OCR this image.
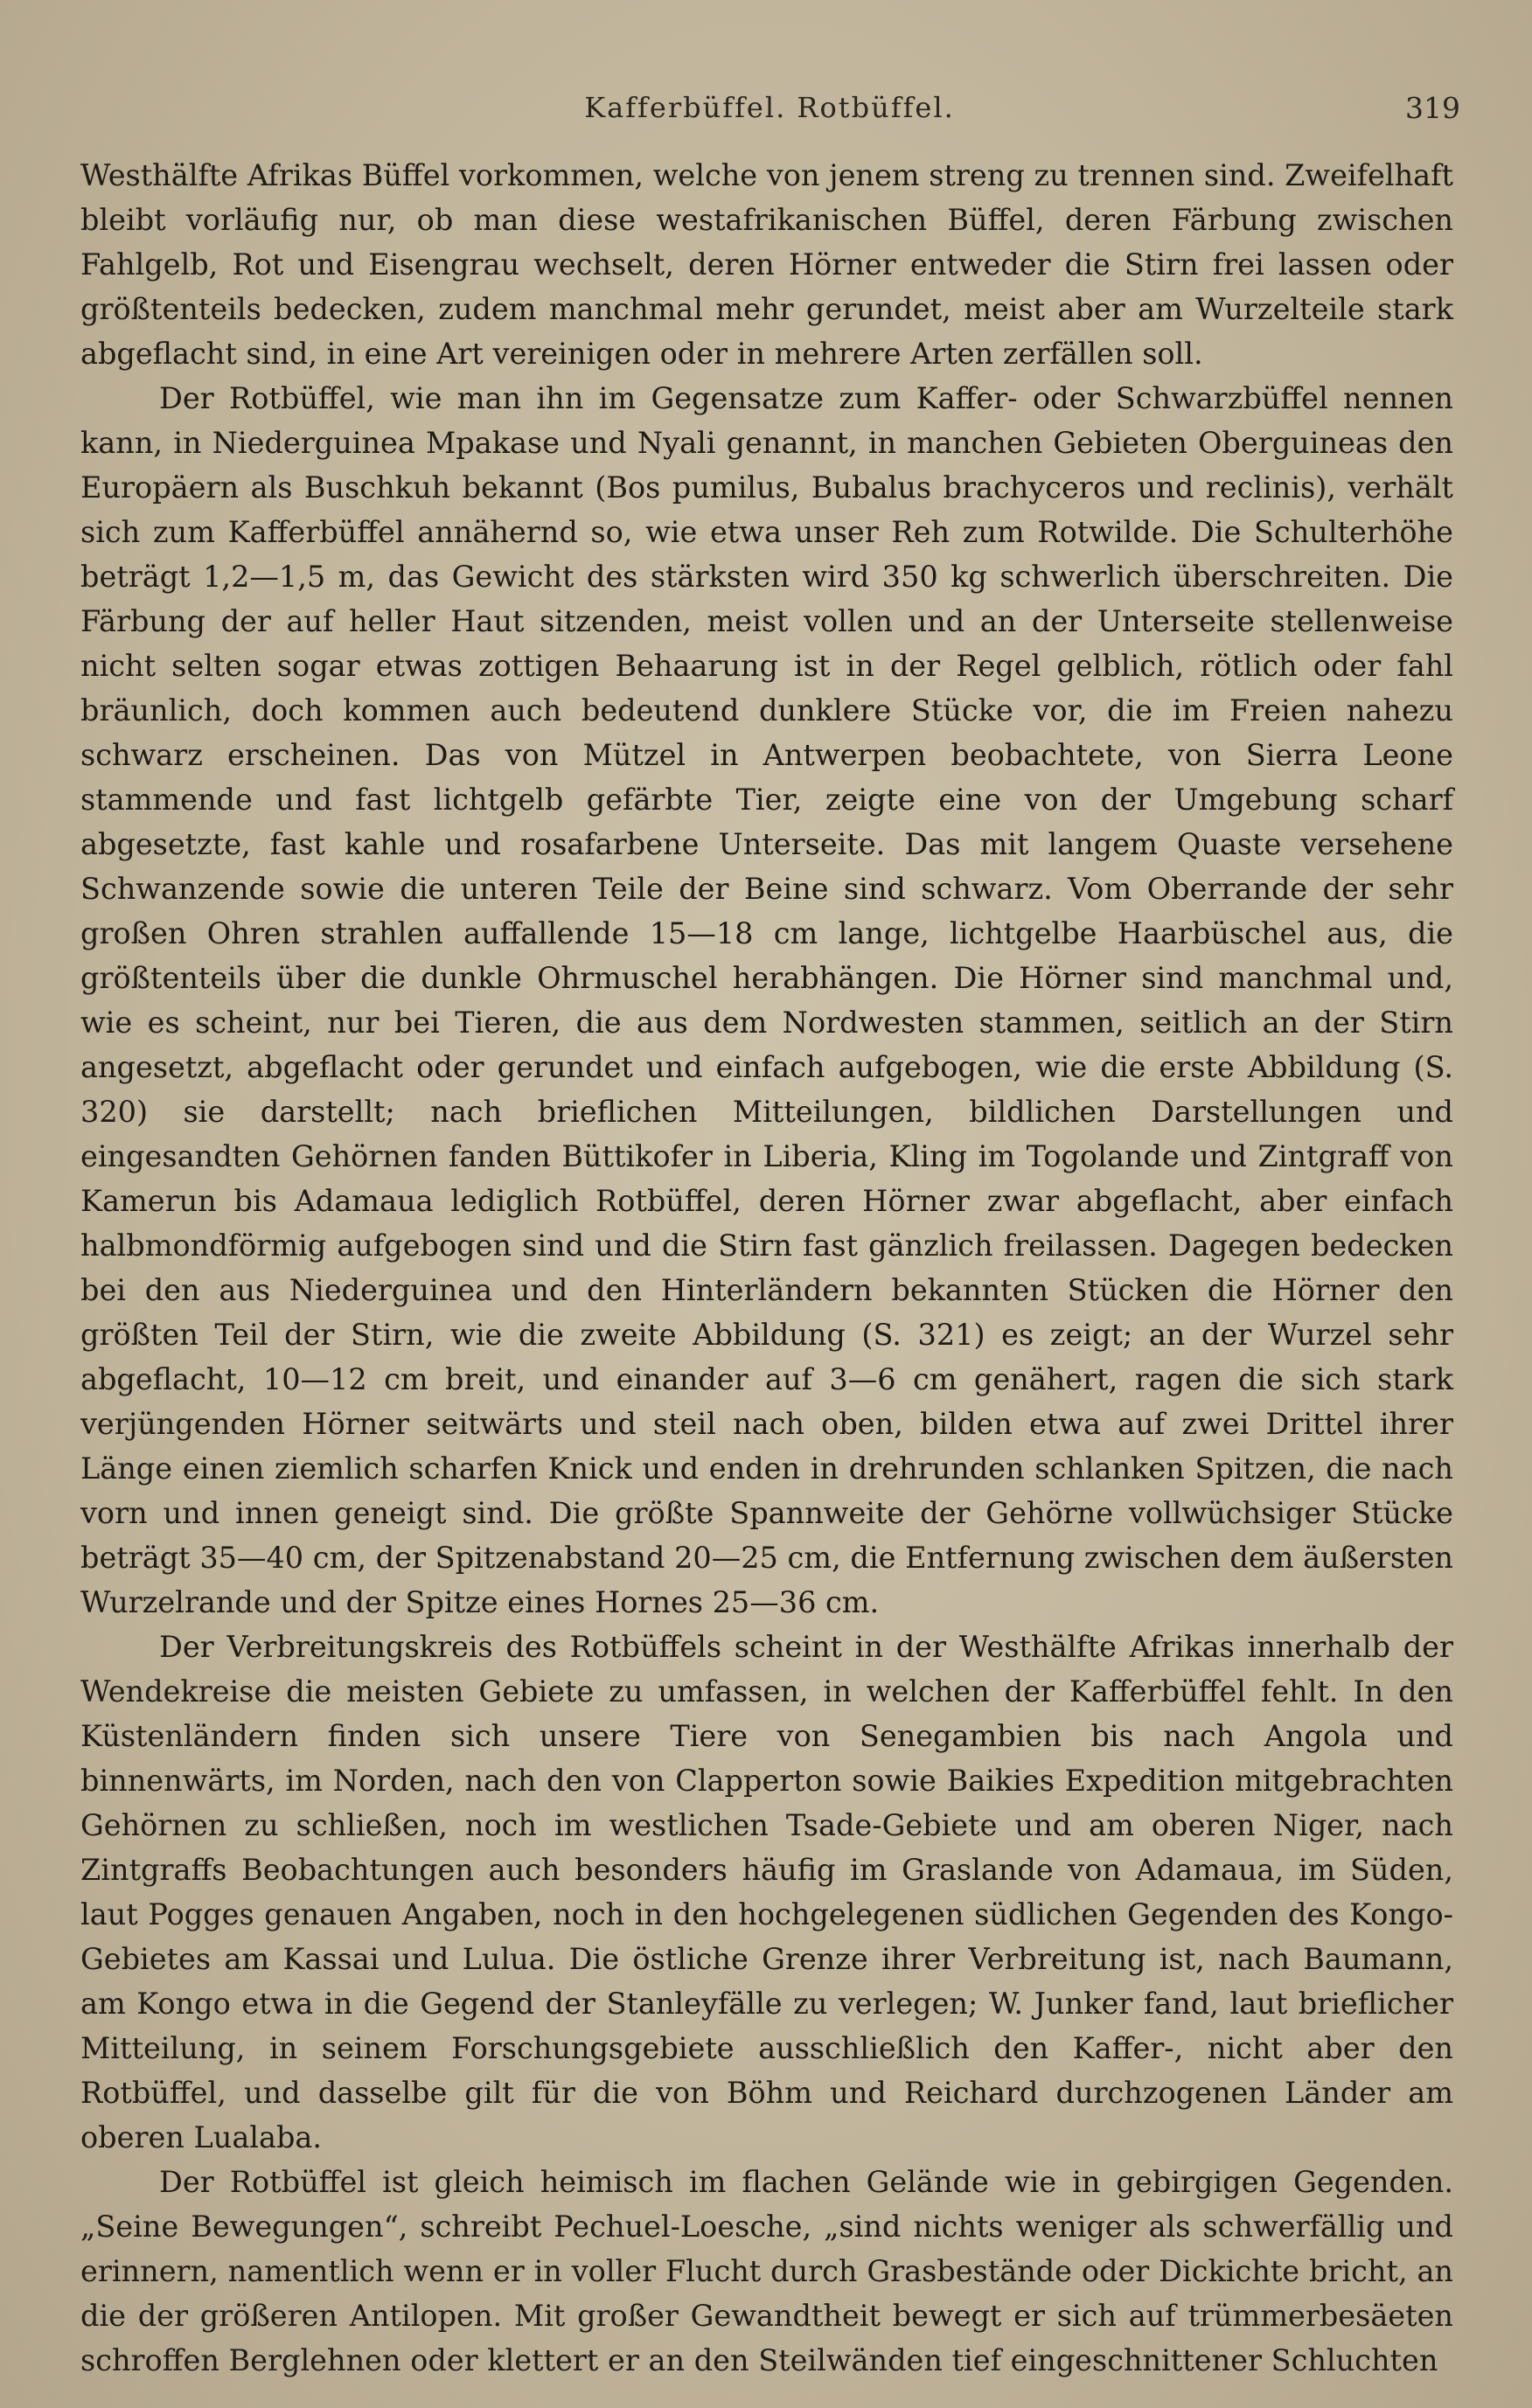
Kafferbüffel. Rotbüffel.	319

Westhälfte Afrikas Büffel vorkommen, welche von jenem streng zu trennen sind. Zweifelhaft bleibt vorläufig nur, ob man diese westafrikanischen Büffel, deren Färbung zwischen Fahlgelb, Rot und Eisengrau wechselt, deren Hörner entweder die Stirn frei lassen oder größtenteils bedecken, zudem manchmal mehr gerundet, meist aber am Wurzelteile stark abgeflacht sind, in eine Art vereinigen oder in mehrere Arten zerfällen soll.

Der Rotbüffel, wie man ihn im Gegensatze zum Kaffer- oder Schwarzbüffel nennen kann, in Niederguinea Mpakase und Nyali genannt, in manchen Gebieten Oberguineas den Europäern als Buschkuh bekannt (Bos pumilus, Bubalus brachyceros und reclinis), verhält sich zum Kafferbüffel annähernd so, wie etwa unser Reh zum Rotwilde. Die Schulterhöhe beträgt 1,2—1,5 m, das Gewicht des stärksten wird 350 kg schwerlich überschreiten. Die Färbung der auf heller Haut sitzenden, meist vollen und an der Unterseite stellenweise nicht selten sogar etwas zottigen Behaarung ist in der Regel gelblich, rötlich oder fahl bräunlich, doch kommen auch bedeutend dunklere Stücke vor, die im Freien nahezu schwarz erscheinen. Das von Mützel in Antwerpen beobachtete, von Sierra Leone stammende und fast lichtgelb gefärbte Tier, zeigte eine von der Umgebung scharf abgesetzte, fast kahle und rosafarbene Unterseite. Das mit langem Quaste versehene Schwanzende sowie die unteren Teile der Beine sind schwarz. Vom Oberrande der sehr großen Ohren strahlen auffallende 15—18 cm lange, lichtgelbe Haarbüschel aus, die größtenteils über die dunkle Ohrmuschel herabhängen. Die Hörner sind manchmal und, wie es scheint, nur bei Tieren, die aus dem Nordwesten stammen, seitlich an der Stirn angesetzt, abgeflacht oder gerundet und einfach aufgebogen, wie die erste Abbildung (S. 320) sie darstellt; nach brieflichen Mitteilungen, bildlichen Darstellungen und eingesandten Gehörnen fanden Büttikofer in Liberia, Kling im Togolande und Zintgraff von Kamerun bis Adamaua lediglich Rotbüffel, deren Hörner zwar abgeflacht, aber einfach halbmondförmig aufgebogen sind und die Stirn fast gänzlich freilassen. Dagegen bedecken bei den aus Niederguinea und den Hinterländern bekannten Stücken die Hörner den größten Teil der Stirn, wie die zweite Abbildung (S. 321) es zeigt; an der Wurzel sehr abgeflacht, 10—12 cm breit, und einander auf 3—6 cm genähert, ragen die sich stark verjüngenden Hörner seitwärts und steil nach oben, bilden etwa auf zwei Drittel ihrer Länge einen ziemlich scharfen Knick und enden in drehrunden schlanken Spitzen, die nach vorn und innen geneigt sind. Die größte Spannweite der Gehörne vollwüchsiger Stücke beträgt 35—40 cm, der Spitzenabstand 20—25 cm, die Entfernung zwischen dem äußersten Wurzelrande und der Spitze eines Hornes 25—36 cm.

Der Verbreitungskreis des Rotbüffels scheint in der Westhälfte Afrikas innerhalb der Wendekreise die meisten Gebiete zu umfassen, in welchen der Kafferbüffel fehlt. In den Küstenländern finden sich unsere Tiere von Senegambien bis nach Angola und binnenwärts, im Norden, nach den von Clapperton sowie Baikies Expedition mitgebrachten Gehörnen zu schließen, noch im westlichen Tsade-Gebiete und am oberen Niger, nach Zintgraffs Beobachtungen auch besonders häufig im Graslande von Adamaua, im Süden, laut Pogges genauen Angaben, noch in den hochgelegenen südlichen Gegenden des Kongo-Gebietes am Kassai und Lulua. Die östliche Grenze ihrer Verbreitung ist, nach Baumann, am Kongo etwa in die Gegend der Stanleyfälle zu verlegen; W. Junker fand, laut brieflicher Mitteilung, in seinem Forschungsgebiete ausschließlich den Kaffer-, nicht aber den Rotbüffel, und dasselbe gilt für die von Böhm und Reichard durchzogenen Länder am oberen Lualaba.

Der Rotbüffel ist gleich heimisch im flachen Gelände wie in gebirgigen Gegenden. „Seine Bewegungen“, schreibt Pechuel-Loesche, „sind nichts weniger als schwerfällig und erinnern, namentlich wenn er in voller Flucht durch Grasbestände oder Dickichte bricht, an die der größeren Antilopen. Mit großer Gewandtheit bewegt er sich auf trümmerbesäeten schroffen Berglehnen oder klettert er an den Steilwänden tief eingeschnittener Schluchten
